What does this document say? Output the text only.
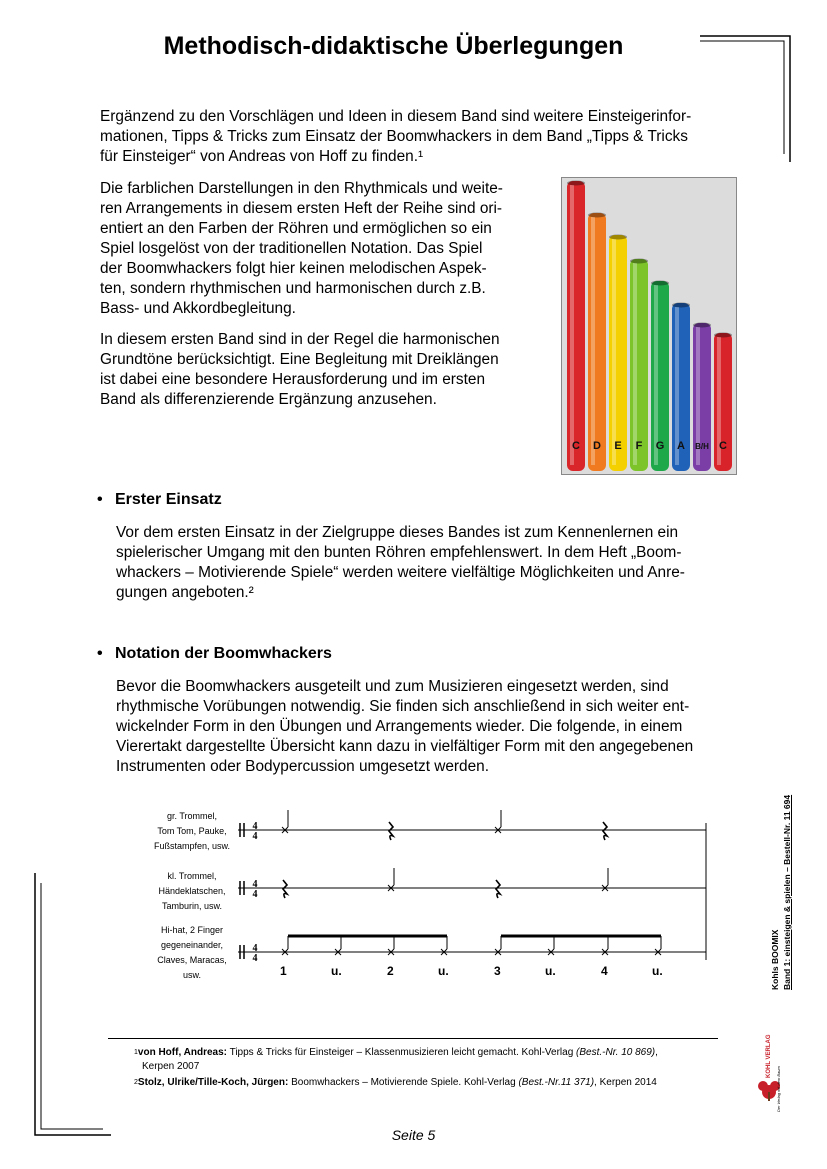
Methodisch-didaktische Überlegungen
Ergänzend zu den Vorschlägen und Ideen in diesem Band sind weitere Einsteigerinfor-
mationen, Tipps & Tricks zum Einsatz der Boomwhackers in dem Band „Tipps & Tricks
für Einsteiger“ von Andreas von Hoff zu finden.¹
Die farblichen Darstellungen in den Rhythmicals und weite-
ren Arrangements in diesem ersten Heft der Reihe sind ori-
entiert an den Farben der Röhren und ermöglichen so ein
Spiel losgelöst von der traditionellen Notation. Das Spiel
der Boomwhackers folgt hier keinen melodischen Aspek-
ten, sondern rhythmischen und harmonischen durch z.B.
Bass- und Akkordbegleitung.
In diesem ersten Band sind in der Regel die harmonischen
Grundtöne berücksichtigt. Eine Begleitung mit Dreiklängen
ist dabei eine besondere Herausforderung und im ersten
Band als differenzierende Ergänzung anzusehen.
C D E F G A B/H C
• Erster Einsatz
Vor dem ersten Einsatz in der Zielgruppe dieses Bandes ist zum Kennenlernen ein
spielerischer Umgang mit den bunten Röhren empfehlenswert. In dem Heft „Boom-
whackers – Motivierende Spiele“ werden weitere vielfältige Möglichkeiten und Anre-
gungen angeboten.²
• Notation der Boomwhackers
Bevor die Boomwhackers ausgeteilt und zum Musizieren eingesetzt werden, sind
rhythmische Vorübungen notwendig. Sie finden sich anschließend in sich weiter ent-
wickelnder Form in den Übungen und Arrangements wieder. Die folgende, in einem
Vierertakt dargestellte Übersicht kann dazu in vielfältiger Form mit den angegebenen
Instrumenten oder Bodypercussion umgesetzt werden.
gr. Trommel,
Tom Tom, Pauke,
Fußstampfen, usw.
kl. Trommel,
Händeklatschen,
Tamburin, usw.
Hi-hat, 2 Finger
gegeneinander,
Claves, Maracas,
usw.
4
4
4
4
4
4
1	u.	2	u.	3	u.	4	u.
$^1$von Hoff, Andreas: Tipps & Tricks für Einsteiger – Klassenmusizieren leicht gemacht. Kohl-Verlag (Best.-Nr. 10 869),
Kerpen 2007
$^2$Stolz, Ulrike/Tille-Koch, Jürgen: Boomwhackers – Motivierende Spiele. Kohl-Verlag (Best.-Nr.11 371), Kerpen 2014
Kohls BOOMIX Band 1: einsteigen & spielen – Bestell-Nr. 11 694
KOHL VERLAG
Der Verlag mit dem Baum
Seite 5
